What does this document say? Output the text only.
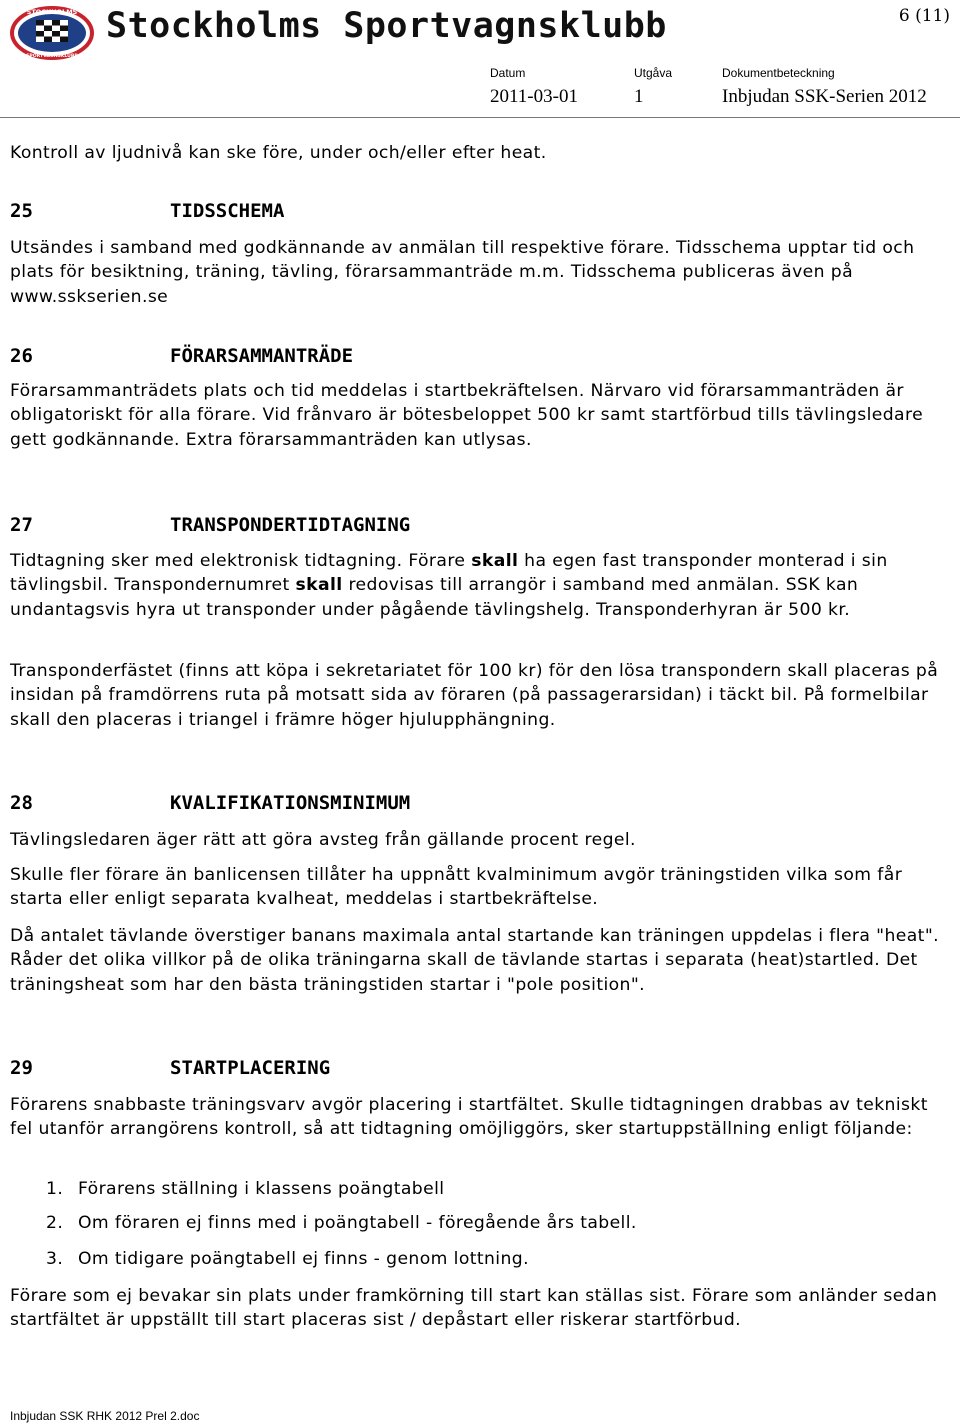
STOCKHOLMS
SPORTVAGNSKLUBB
Stockholms Sportvagnsklubb	6 (11)
Datum	Utgåva	Dokumentbeteckning
2011-03-01	1	Inbjudan SSK-Serien 2012
Kontroll av ljudnivå kan ske före, under och/eller efter heat.
25	TIDSSCHEMA
Utsändes i samband med godkännande av anmälan till respektive förare. Tidsschema upptar tid och plats för besiktning, träning, tävling, förarsammanträde m.m. Tidsschema publiceras även på www.sskserien.se
26	FÖRARSAMMANTRÄDE
Förarsammanträdets plats och tid meddelas i startbekräftelsen. Närvaro vid förarsammanträden är obligatoriskt för alla förare. Vid frånvaro är bötesbeloppet 500 kr samt startförbud tills tävlingsledare gett godkännande. Extra förarsammanträden kan utlysas.
27	TRANSPONDERTIDTAGNING
Tidtagning sker med elektronisk tidtagning. Förare skall ha egen fast transponder monterad i sin tävlingsbil. Transpondernumret skall redovisas till arrangör i samband med anmälan. SSK kan undantagsvis hyra ut transponder under pågående tävlingshelg. Transponderhyran är 500 kr.
Transponderfästet (finns att köpa i sekretariatet för 100 kr) för den lösa transpondern skall placeras på insidan på framdörrens ruta på motsatt sida av föraren (på passagerarsidan) i täckt bil. På formelbilar skall den placeras i triangel i främre höger hjulupphängning.
28	KVALIFIKATIONSMINIMUM
Tävlingsledaren äger rätt att göra avsteg från gällande procent regel.
Skulle fler förare än banlicensen tillåter ha uppnått kvalminimum avgör träningstiden vilka som får starta eller enligt separata kvalheat, meddelas i startbekräftelse.
Då antalet tävlande överstiger banans maximala antal startande kan träningen uppdelas i flera "heat". Råder det olika villkor på de olika träningarna skall de tävlande startas i separata (heat)startled. Det träningsheat som har den bästa träningstiden startar i "pole position".
29	STARTPLACERING
Förarens snabbaste träningsvarv avgör placering i startfältet. Skulle tidtagningen drabbas av tekniskt fel utanför arrangörens kontroll, så att tidtagning omöjliggörs, sker startuppställning enligt följande:
1. Förarens ställning i klassens poängtabell
2. Om föraren ej finns med i poängtabell - föregående års tabell.
3. Om tidigare poängtabell ej finns - genom lottning.
Förare som ej bevakar sin plats under framkörning till start kan ställas sist. Förare som anländer sedan startfältet är uppställt till start placeras sist / depåstart eller riskerar startförbud.
Inbjudan SSK RHK 2012 Prel 2.doc
